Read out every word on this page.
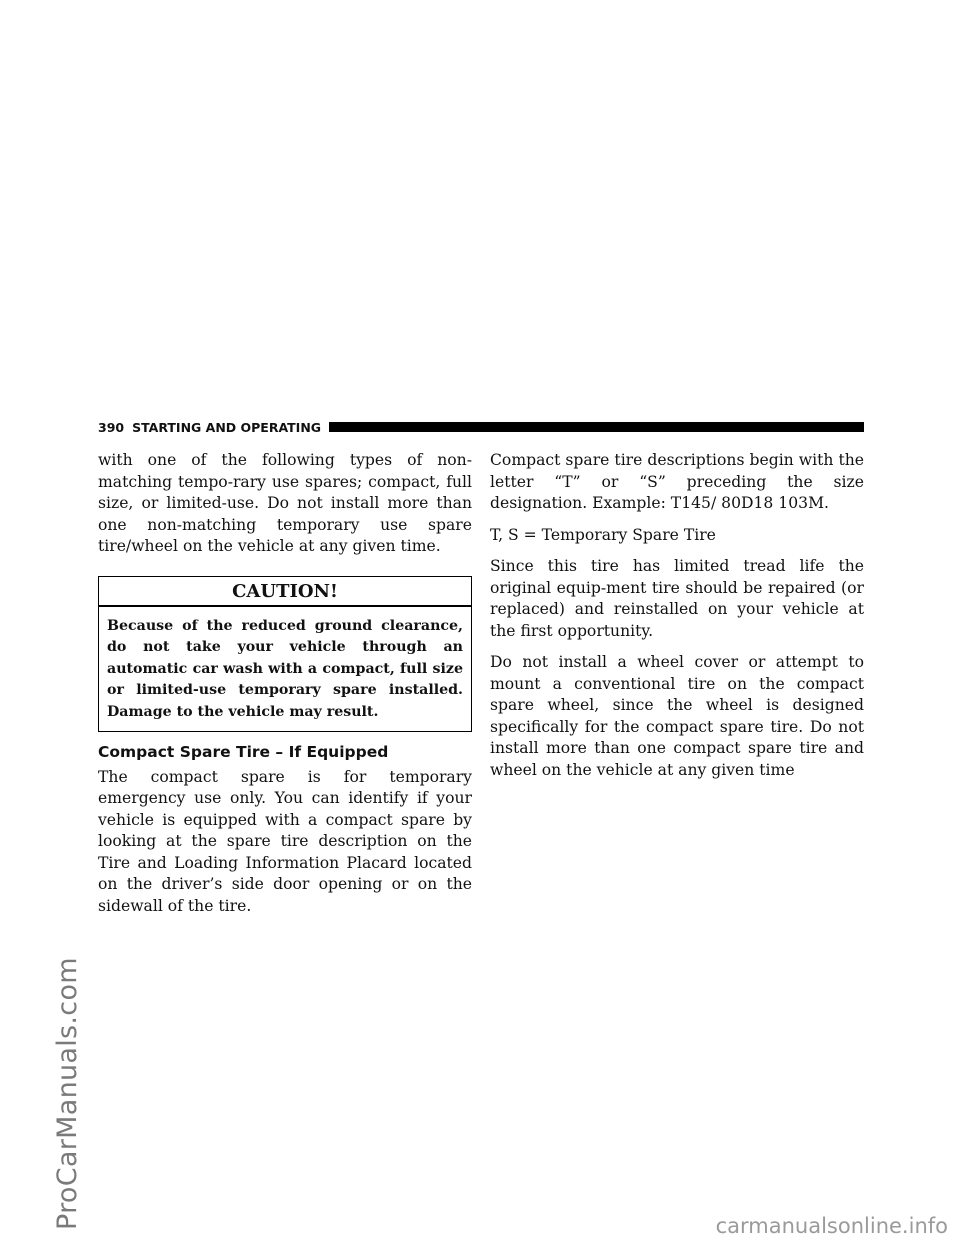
ProCarManuals.com
390 STARTING AND OPERATING

with one of the following types of non-matching tempo-rary use spares; compact, full size, or limited-use. Do not install more than one non-matching temporary use spare tire/wheel on the vehicle at any given time.

CAUTION!
Because of the reduced ground clearance, do not take your vehicle through an automatic car wash with a compact, full size or limited-use temporary spare installed. Damage to the vehicle may result.
Compact Spare Tire – If Equipped

The compact spare is for temporary emergency use only. You can identify if your vehicle is equipped with a compact spare by looking at the spare tire description on the Tire and Loading Information Placard located on the driver’s side door opening or on the sidewall of the tire.

Compact spare tire descriptions begin with the letter “T” or “S” preceding the size designation. Example: T145/ 80D18 103M.

T, S = Temporary Spare Tire

Since this tire has limited tread life the original equip-ment tire should be repaired (or replaced) and reinstalled on your vehicle at the first opportunity.

Do not install a wheel cover or attempt to mount a conventional tire on the compact spare wheel, since the wheel is designed specifically for the compact spare tire. Do not install more than one compact spare tire and wheel on the vehicle at any given time

carmanualsonline.info
